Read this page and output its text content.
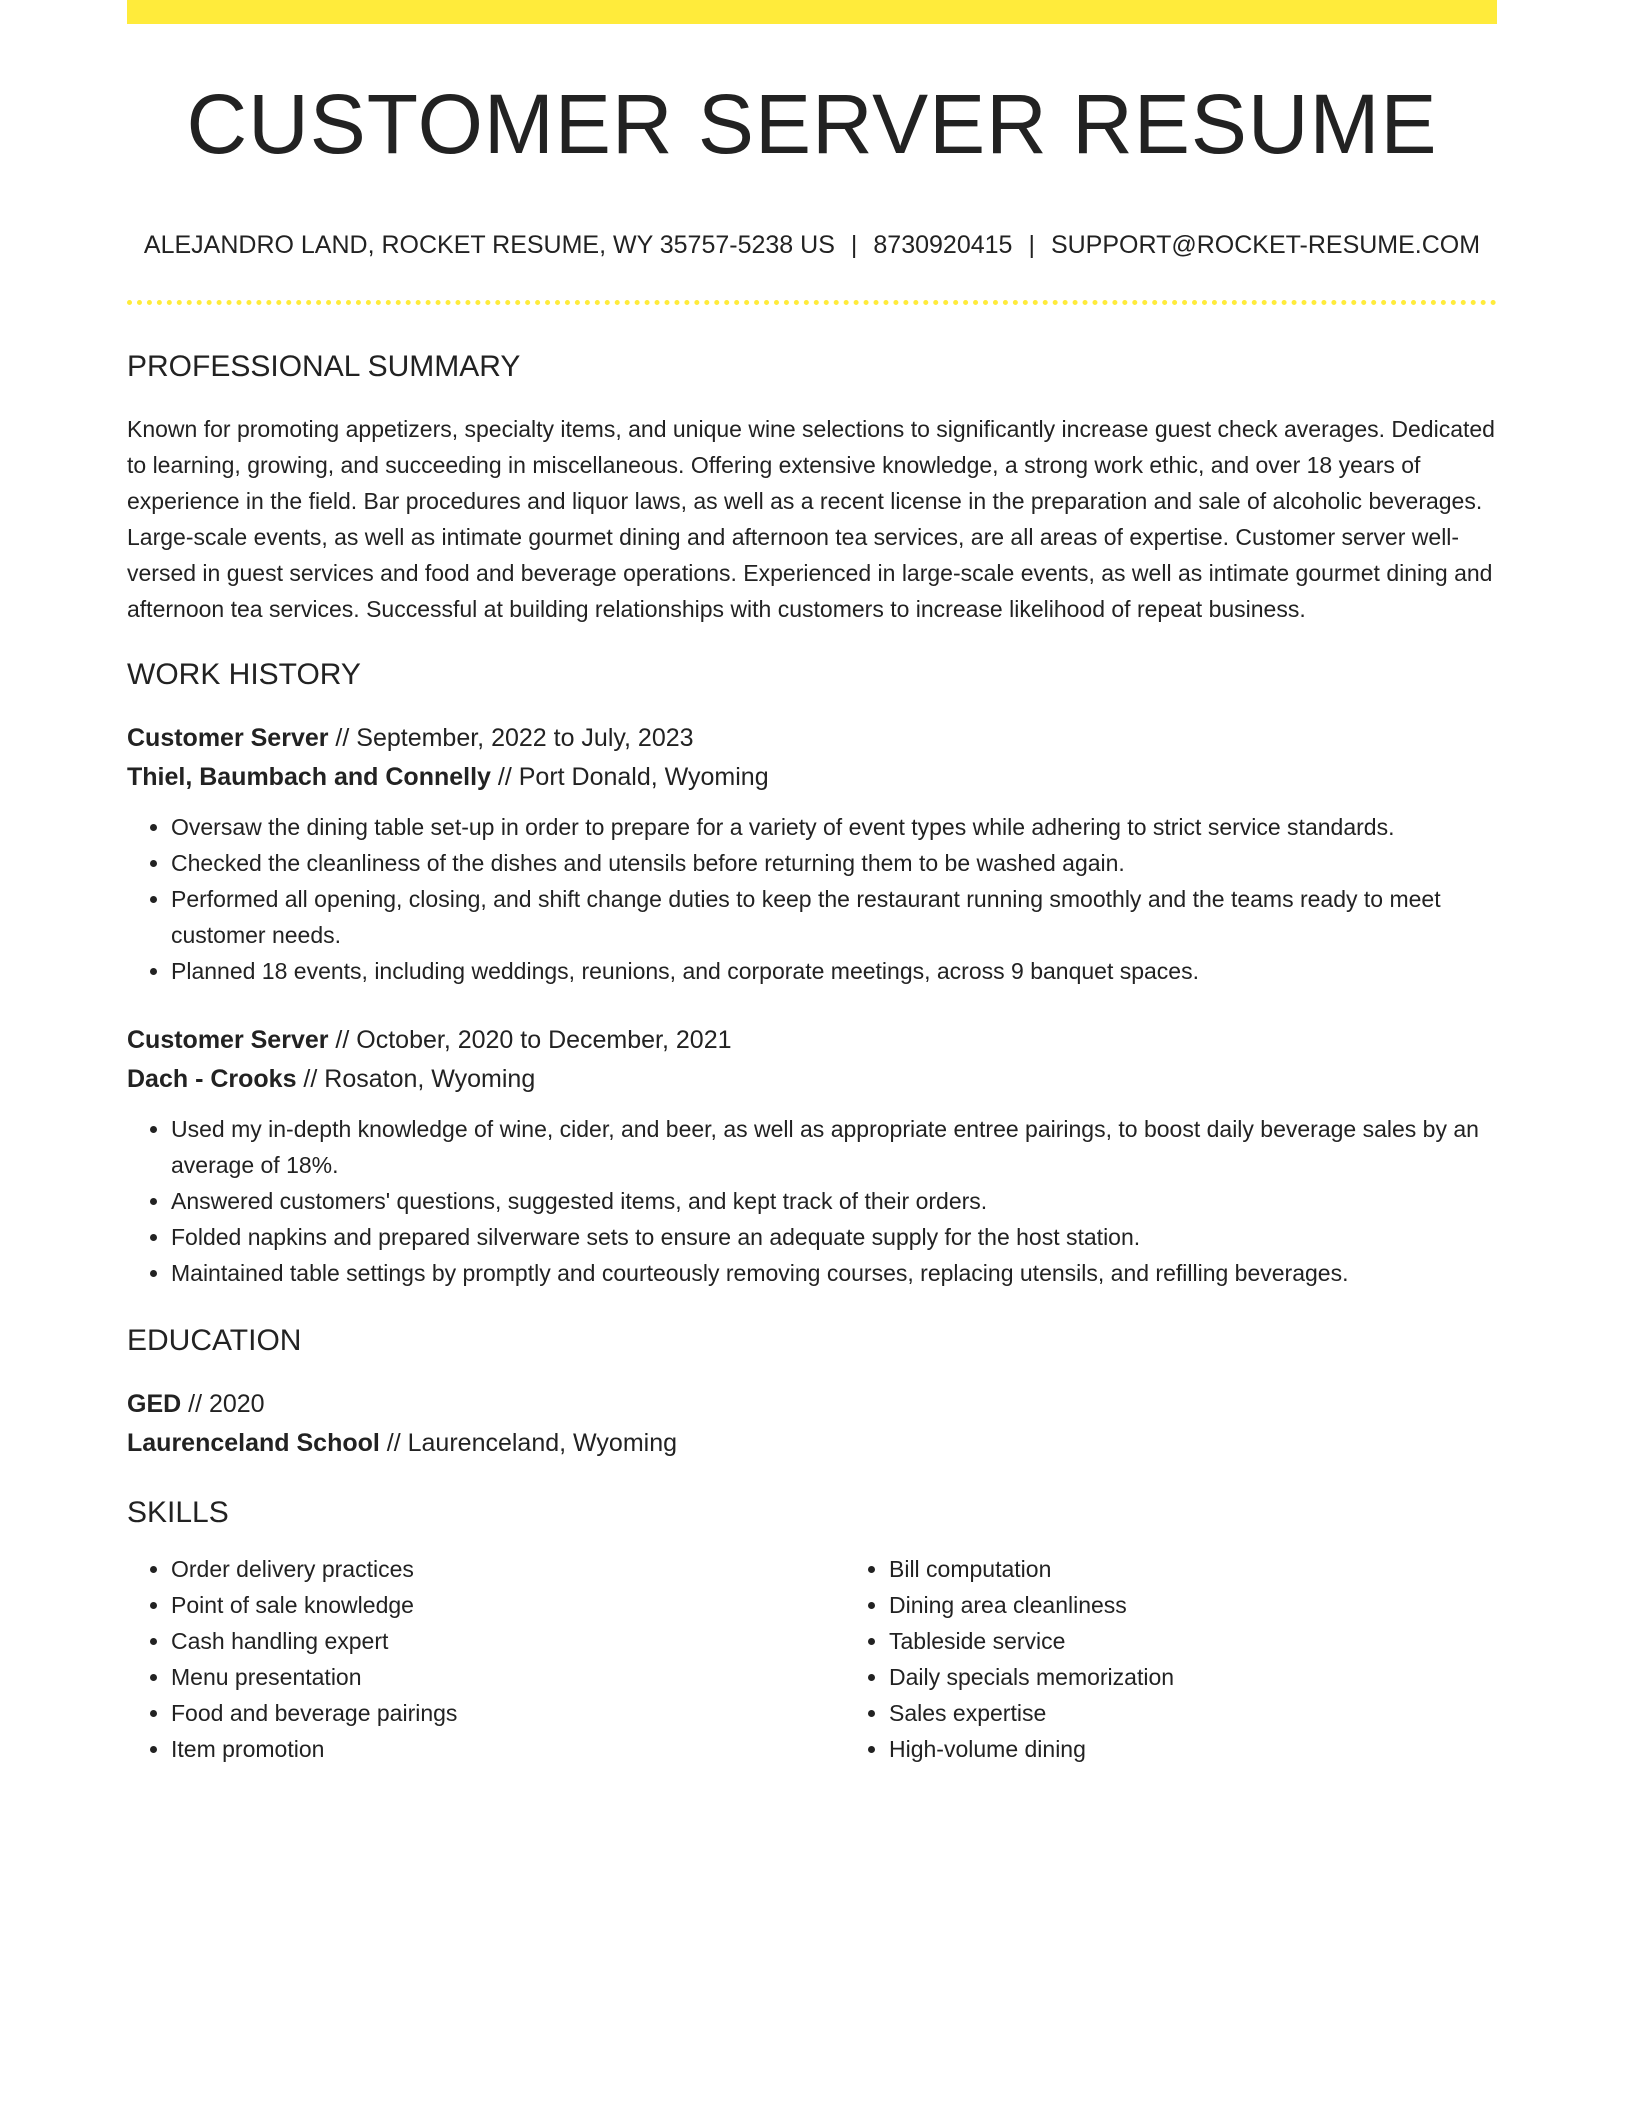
CUSTOMER SERVER RESUME
ALEJANDRO LAND, ROCKET RESUME, WY 35757-5238 US | 8730920415 | SUPPORT@ROCKET-RESUME.COM
PROFESSIONAL SUMMARY

Known for promoting appetizers, specialty items, and unique wine selections to significantly increase guest check averages. Dedicated to learning, growing, and succeeding in miscellaneous. Offering extensive knowledge, a strong work ethic, and over 18 years of experience in the field. Bar procedures and liquor laws, as well as a recent license in the preparation and sale of alcoholic beverages. Large-scale events, as well as intimate gourmet dining and afternoon tea services, are all areas of expertise. Customer server well-versed in guest services and food and beverage operations. Experienced in large-scale events, as well as intimate gourmet dining and afternoon tea services. Successful at building relationships with customers to increase likelihood of repeat business.

WORK HISTORY
Customer Server // September, 2022 to July, 2023
Thiel, Baumbach and Connelly // Port Donald, Wyoming
• Oversaw the dining table set-up in order to prepare for a variety of event types while adhering to strict service standards.
• Checked the cleanliness of the dishes and utensils before returning them to be washed again.
• Performed all opening, closing, and shift change duties to keep the restaurant running smoothly and the teams ready to meet customer needs.
• Planned 18 events, including weddings, reunions, and corporate meetings, across 9 banquet spaces.
Customer Server // October, 2020 to December, 2021
Dach - Crooks // Rosaton, Wyoming
• Used my in-depth knowledge of wine, cider, and beer, as well as appropriate entree pairings, to boost daily beverage sales by an average of 18%.
• Answered customers' questions, suggested items, and kept track of their orders.
• Folded napkins and prepared silverware sets to ensure an adequate supply for the host station.
• Maintained table settings by promptly and courteously removing courses, replacing utensils, and refilling beverages.
EDUCATION
GED // 2020
Laurenceland School // Laurenceland, Wyoming
SKILLS
• Order delivery practices
• Point of sale knowledge
• Cash handling expert
• Menu presentation
• Food and beverage pairings
• Item promotion
• Bill computation
• Dining area cleanliness
• Tableside service
• Daily specials memorization
• Sales expertise
• High-volume dining
